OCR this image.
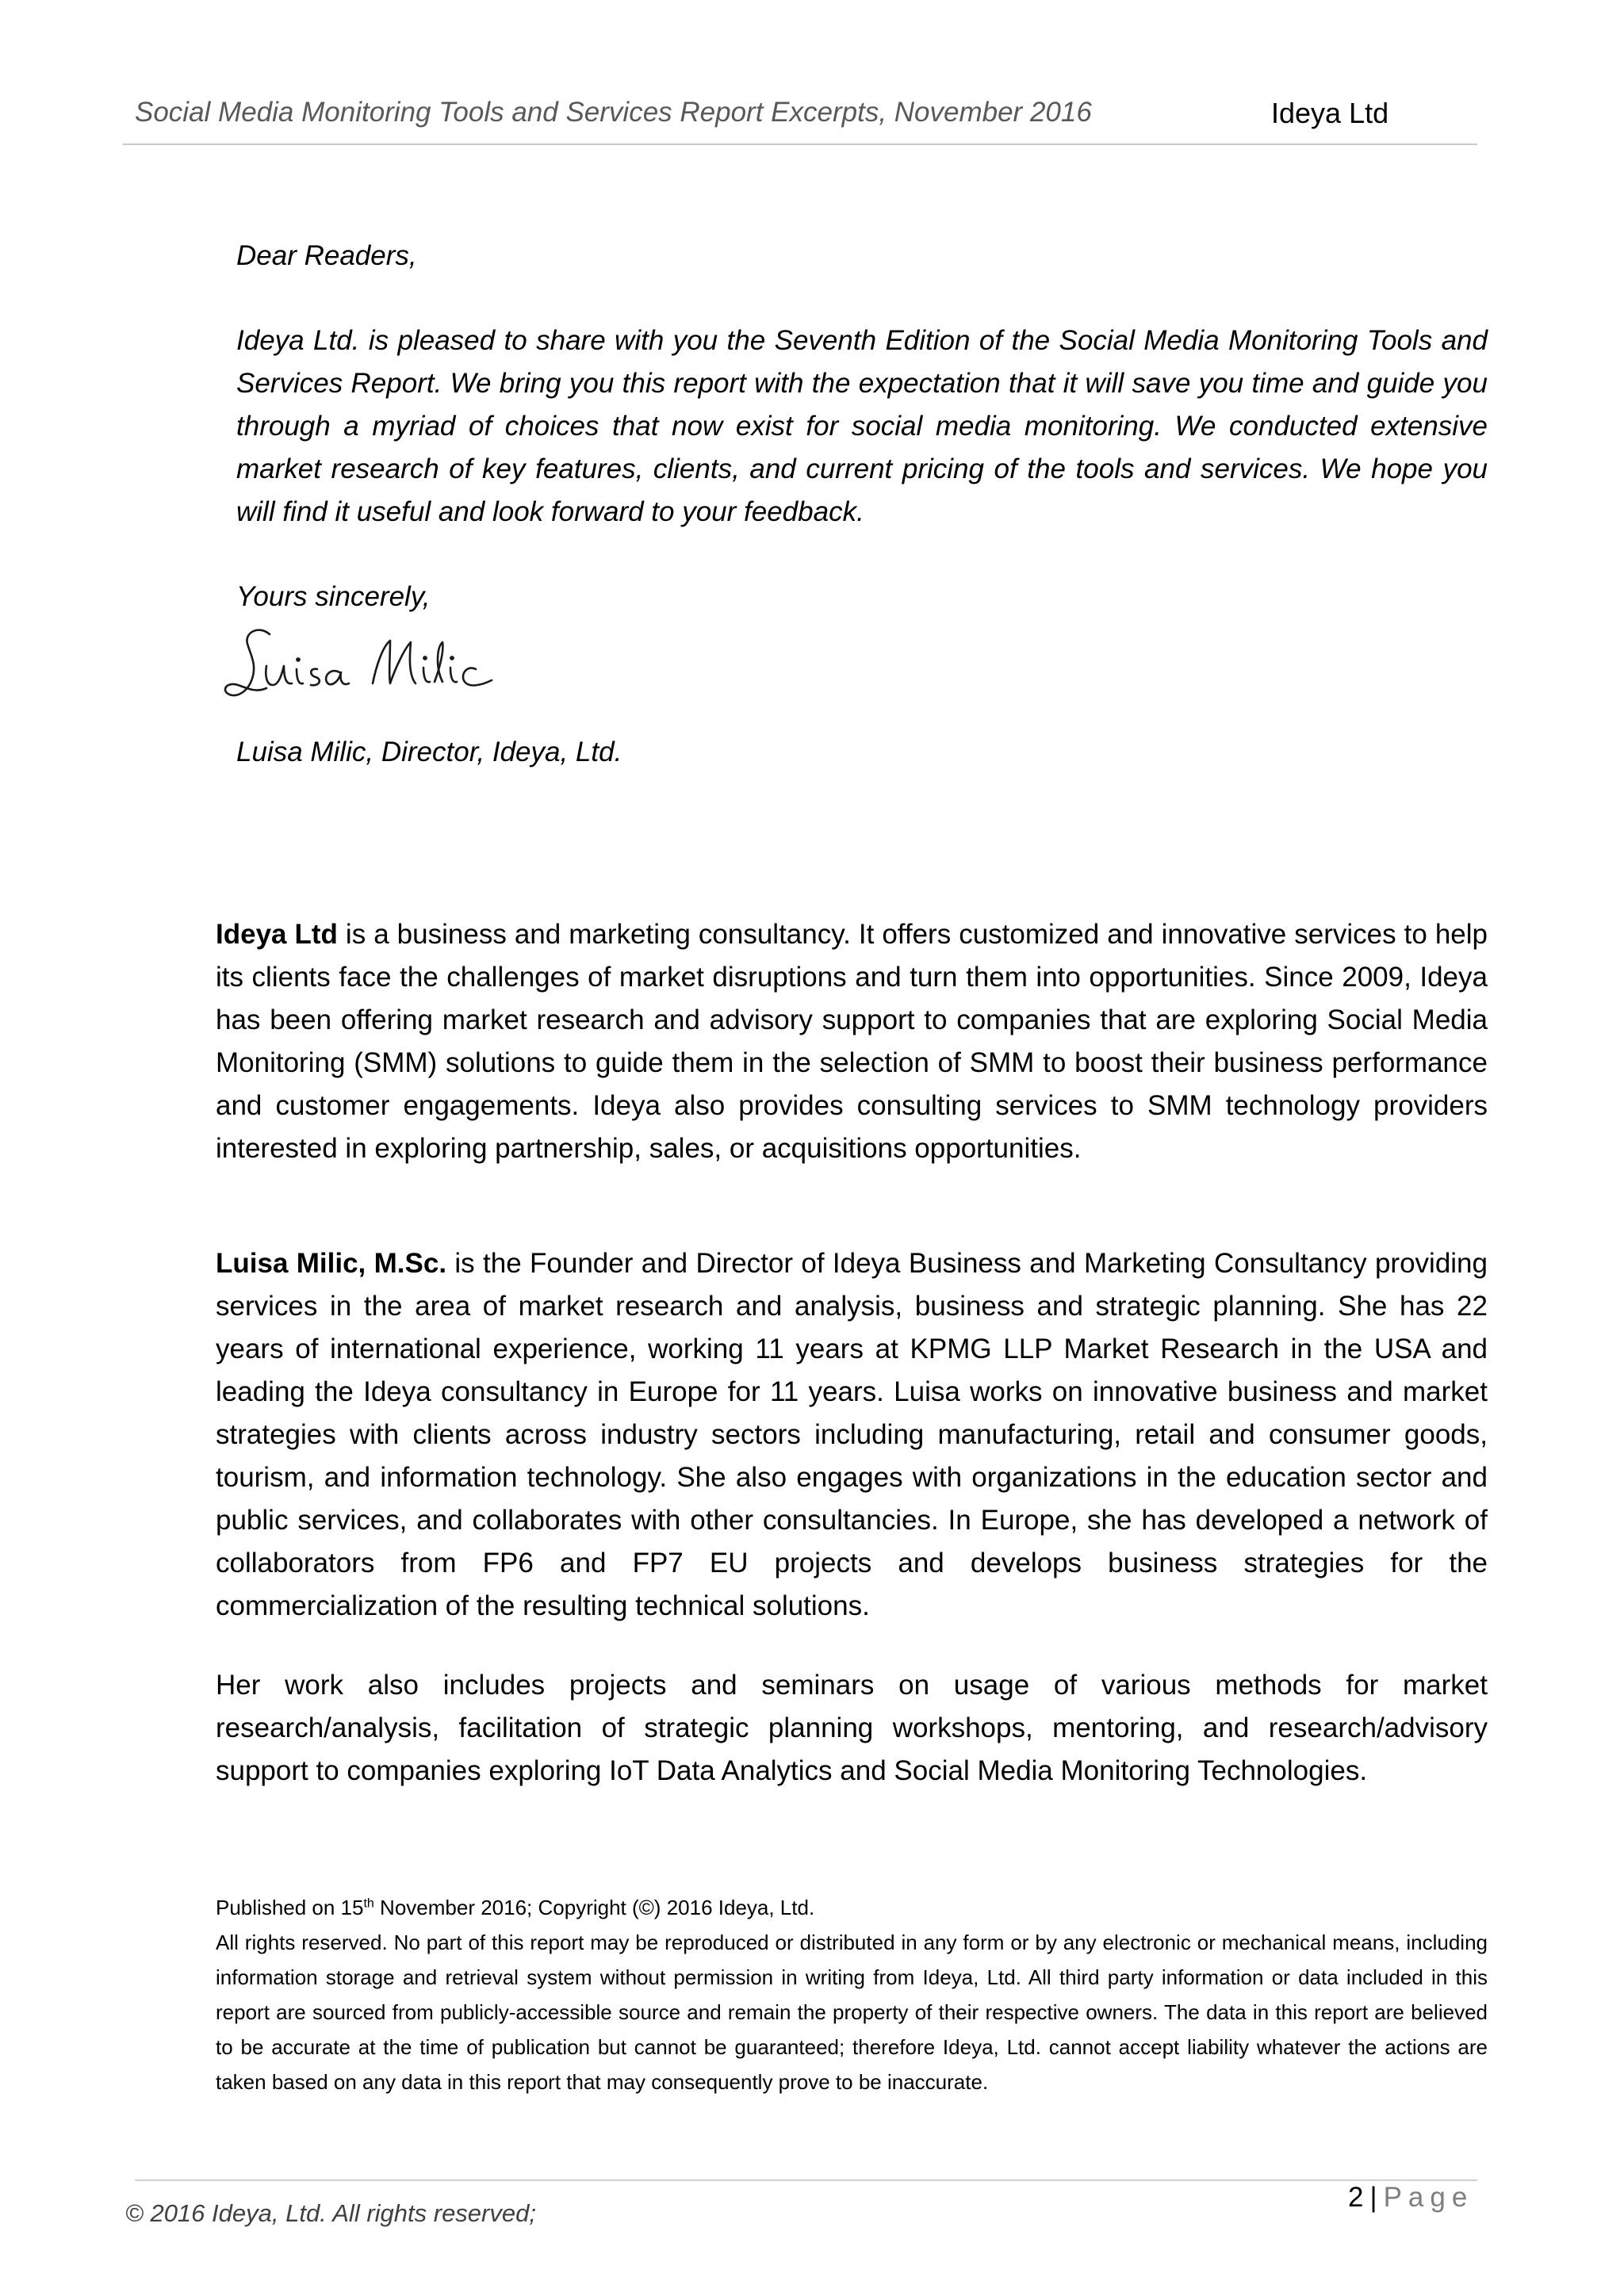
Social Media Monitoring Tools and Services Report Excerpts, November 2016	Ideya Ltd
Dear Readers,
Ideya Ltd. is pleased to share with you the Seventh Edition of the Social Media Monitoring Tools and Services Report. We bring you this report with the expectation that it will save you time and guide you through a myriad of choices that now exist for social media monitoring. We conducted extensive market research of key features, clients, and current pricing of the tools and services. We hope you will find it useful and look forward to your feedback.
Yours sincerely,
Luisa Milic, Director, Ideya, Ltd.
Ideya Ltd is a business and marketing consultancy. It offers customized and innovative services to help its clients face the challenges of market disruptions and turn them into opportunities. Since 2009, Ideya has been offering market research and advisory support to companies that are exploring Social Media Monitoring (SMM) solutions to guide them in the selection of SMM to boost their business performance and customer engagements. Ideya also provides consulting services to SMM technology providers interested in exploring partnership, sales, or acquisitions opportunities.
Luisa Milic, M.Sc. is the Founder and Director of Ideya Business and Marketing Consultancy providing services in the area of market research and analysis, business and strategic planning. She has 22 years of international experience, working 11 years at KPMG LLP Market Research in the USA and leading the Ideya consultancy in Europe for 11 years. Luisa works on innovative business and market strategies with clients across industry sectors including manufacturing, retail and consumer goods, tourism, and information technology. She also engages with organizations in the education sector and public services, and collaborates with other consultancies. In Europe, she has developed a network of collaborators from FP6 and FP7 EU projects and develops business strategies for the commercialization of the resulting technical solutions.
Her work also includes projects and seminars on usage of various methods for market research/analysis, facilitation of strategic planning workshops, mentoring, and research/advisory support to companies exploring IoT Data Analytics and Social Media Monitoring Technologies.
Published on 15th November 2016; Copyright (©) 2016 Ideya, Ltd.
All rights reserved. No part of this report may be reproduced or distributed in any form or by any electronic or mechanical means, including information storage and retrieval system without permission in writing from Ideya, Ltd. All third party information or data included in this report are sourced from publicly-accessible source and remain the property of their respective owners. The data in this report are believed to be accurate at the time of publication but cannot be guaranteed; therefore Ideya, Ltd. cannot accept liability whatever the actions are taken based on any data in this report that may consequently prove to be inaccurate.
© 2016 Ideya, Ltd. All rights reserved;
2 | Page
